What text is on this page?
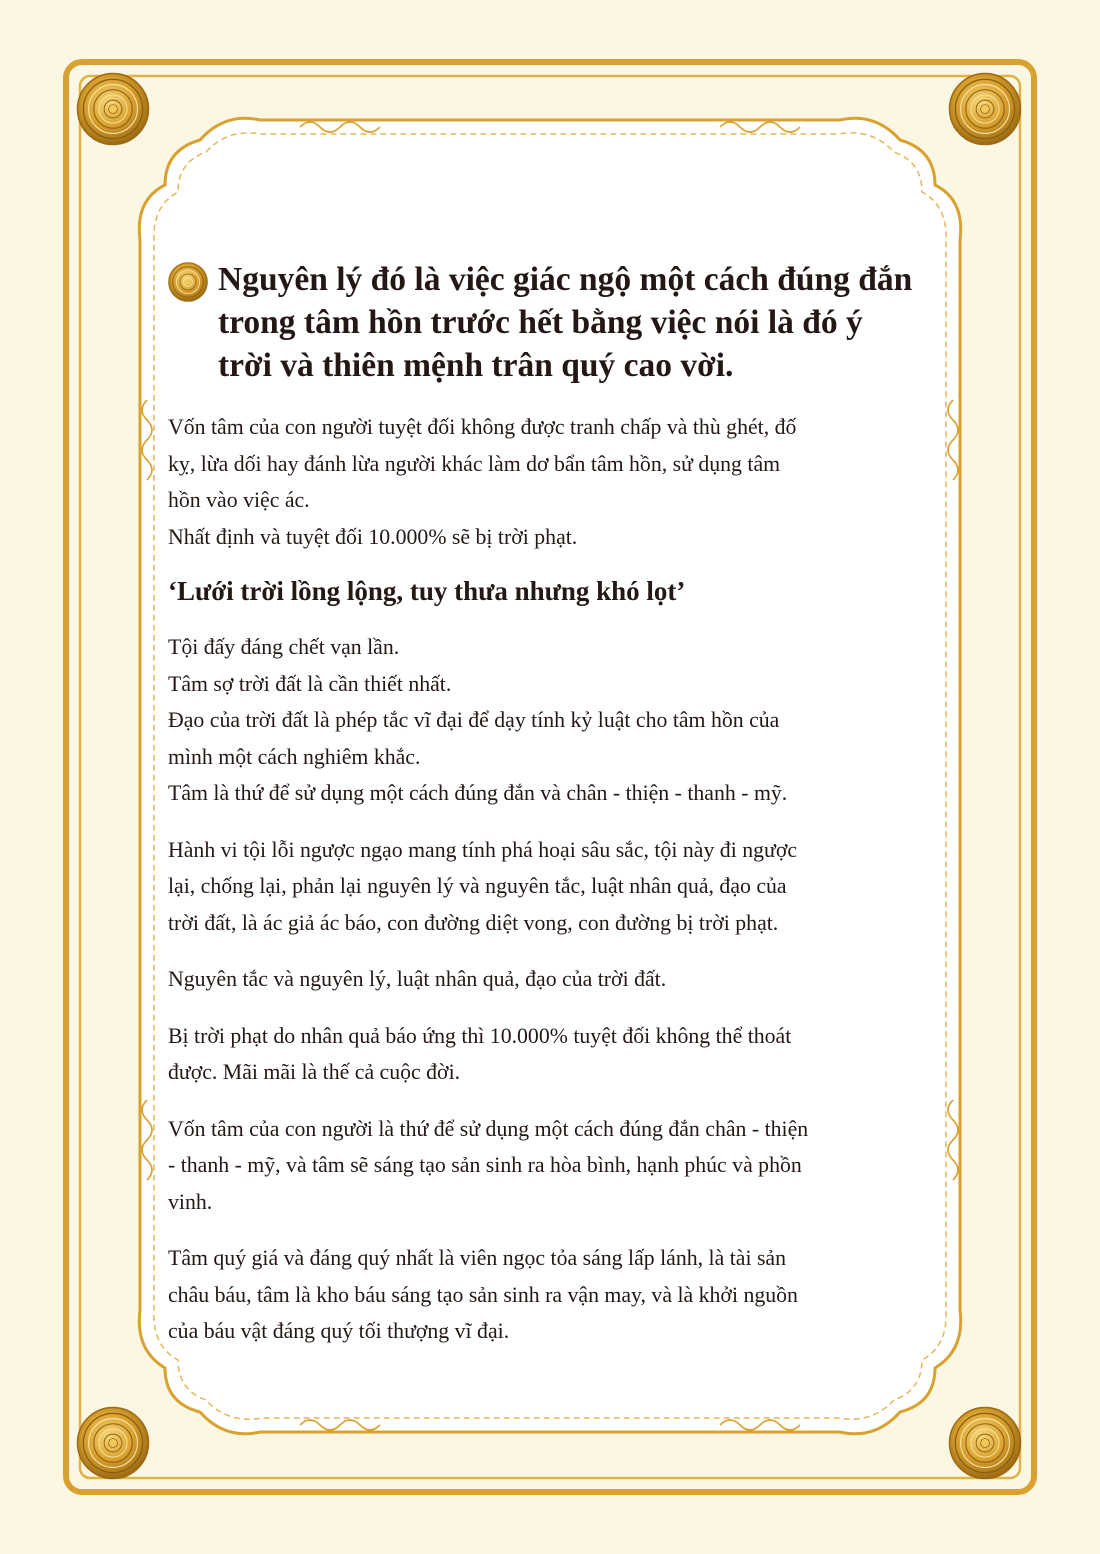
Nguyên lý đó là việc giác ngộ một cách đúng đắn
trong tâm hồn trước hết bằng việc nói là đó ý
trời và thiên mệnh trân quý cao vời.

Vốn tâm của con người tuyệt đối không được tranh chấp và thù ghét, đố
kỵ, lừa dối hay đánh lừa người khác làm dơ bẩn tâm hồn, sử dụng tâm
hồn vào việc ác.
Nhất định và tuyệt đối 10.000% sẽ bị trời phạt.

‘Lưới trời lồng lộng, tuy thưa nhưng khó lọt’

Tội đấy đáng chết vạn lần.
Tâm sợ trời đất là cần thiết nhất.
Đạo của trời đất là phép tắc vĩ đại để dạy tính kỷ luật cho tâm hồn của
mình một cách nghiêm khắc.
Tâm là thứ để sử dụng một cách đúng đắn và chân - thiện - thanh - mỹ.

Hành vi tội lỗi ngược ngạo mang tính phá hoại sâu sắc, tội này đi ngược
lại, chống lại, phản lại nguyên lý và nguyên tắc, luật nhân quả, đạo của
trời đất, là ác giả ác báo, con đường diệt vong, con đường bị trời phạt.

Nguyên tắc và nguyên lý, luật nhân quả, đạo của trời đất.

Bị trời phạt do nhân quả báo ứng thì 10.000% tuyệt đối không thể thoát
được. Mãi mãi là thế cả cuộc đời.

Vốn tâm của con người là thứ để sử dụng một cách đúng đắn chân - thiện
- thanh - mỹ, và tâm sẽ sáng tạo sản sinh ra hòa bình, hạnh phúc và phồn
vinh.

Tâm quý giá và đáng quý nhất là viên ngọc tỏa sáng lấp lánh, là tài sản
châu báu, tâm là kho báu sáng tạo sản sinh ra vận may, và là khởi nguồn
của báu vật đáng quý tối thượng vĩ đại.
